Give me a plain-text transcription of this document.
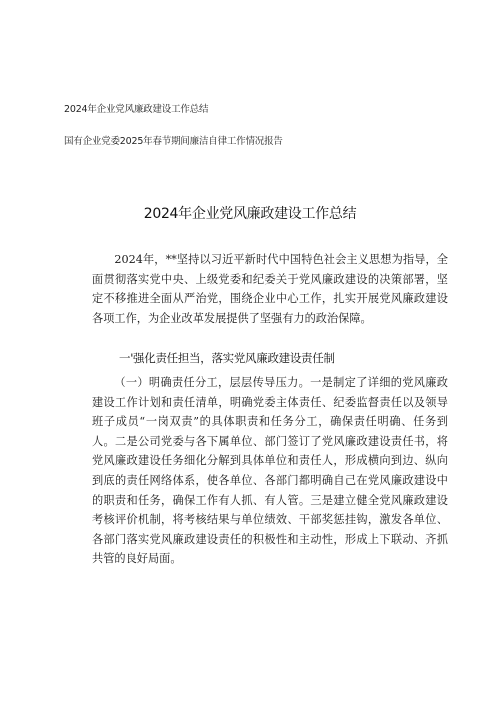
2024年企业党风廉政建设工作总结
国有企业党委2025年春节期间廉洁自律工作情况报告
2024年企业党风廉政建设工作总结

2024年，**坚持以习近平新时代中国特色社会主义思想为指导，全面贯彻落实党中央、上级党委和纪委关于党风廉政建设的决策部署，坚定不移推进全面从严治党，围绕企业中心工作，扎实开展党风廉政建设各项工作，为企业改革发展提供了坚强有力的政治保障。

一'强化责任担当，落实党风廉政建设责任制

（一）明确责任分工，层层传导压力。一是制定了详细的党风廉政建设工作计划和责任清单，明确党委主体责任、纪委监督责任以及领导班子成员“一岗双责”的具体职责和任务分工，确保责任明确、任务到人。二是公司党委与各下属单位、部门签订了党风廉政建设责任书，将党风廉政建设任务细化分解到具体单位和责任人，形成横向到边、纵向到底的责任网络体系，使各单位、各部门都明确自己在党风廉政建设中的职责和任务，确保工作有人抓、有人管。三是建立健全党风廉政建设考核评价机制，将考核结果与单位绩效、干部奖惩挂钩，激发各单位、各部门落实党风廉政建设责任的积极性和主动性，形成上下联动、齐抓共管的良好局面。
